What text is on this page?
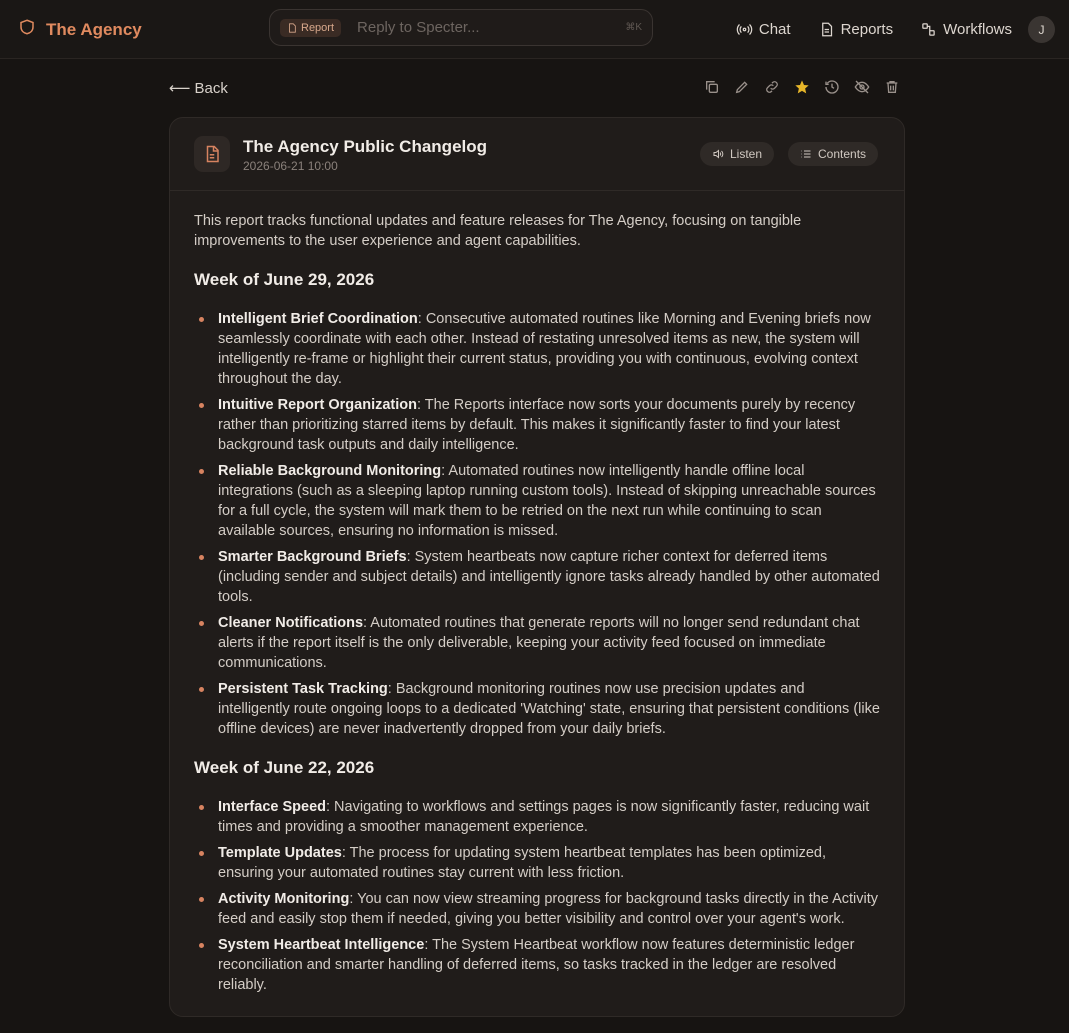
The Agency	Report Reply to Specter...	⌘K	Chat	Reports	Workflows	J
⟵ Back
The Agency Public Changelog
2026-06-21 10:00
Listen	Contents

This report tracks functional updates and feature releases for The Agency, focusing on tangible improvements to the user experience and agent capabilities.

Week of June 29, 2026
Intelligent Brief Coordination: Consecutive automated routines like Morning and Evening briefs now seamlessly coordinate with each other. Instead of restating unresolved items as new, the system will intelligently re-frame or highlight their current status, providing you with continuous, evolving context throughout the day.
Intuitive Report Organization: The Reports interface now sorts your documents purely by recency rather than prioritizing starred items by default. This makes it significantly faster to find your latest background task outputs and daily intelligence.
Reliable Background Monitoring: Automated routines now intelligently handle offline local integrations (such as a sleeping laptop running custom tools). Instead of skipping unreachable sources for a full cycle, the system will mark them to be retried on the next run while continuing to scan available sources, ensuring no information is missed.
Smarter Background Briefs: System heartbeats now capture richer context for deferred items (including sender and subject details) and intelligently ignore tasks already handled by other automated tools.
Cleaner Notifications: Automated routines that generate reports will no longer send redundant chat alerts if the report itself is the only deliverable, keeping your activity feed focused on immediate communications.
Persistent Task Tracking: Background monitoring routines now use precision updates and intelligently route ongoing loops to a dedicated 'Watching' state, ensuring that persistent conditions (like offline devices) are never inadvertently dropped from your daily briefs.
Week of June 22, 2026
Interface Speed: Navigating to workflows and settings pages is now significantly faster, reducing wait times and providing a smoother management experience.
Template Updates: The process for updating system heartbeat templates has been optimized, ensuring your automated routines stay current with less friction.
Activity Monitoring: You can now view streaming progress for background tasks directly in the Activity feed and easily stop them if needed, giving you better visibility and control over your agent's work.
System Heartbeat Intelligence: The System Heartbeat workflow now features deterministic ledger reconciliation and smarter handling of deferred items, so tasks tracked in the ledger are resolved reliably.
